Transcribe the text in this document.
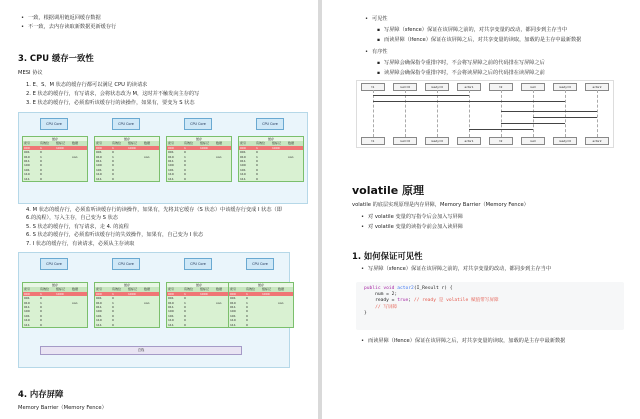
• 一致，根据调用链返回缓存数据
• 不一致，去内存读取新数据更新缓存行
3. CPU 缓存一致性
MESI 协议
1. E、S、M 状态的缓存行都可以满足 CPU 的读请求
2. E 状态的缓存行，有写请求，会将状态改为 M，这时并不触发向主存的写
3. E 状态的缓存行，必须监听该缓存行的读操作，如果有，要变为 S 状态
4. M 状态的缓存行，必须监听读缓存行的读操作，如果有，先将其它缓存（S 状态）中该缓存行变成 I 状态（即
6.的流程），写入主存，自己变为 S 状态
5. S 状态的缓存行，有写请求，走 4. 的流程
6. S 状态的缓存行，必须监听该缓存行的失效操作，如果有，自己变为 I 状态
7. I 状态的缓存行，有读请求，必须从主存读取
4. 内存屏障
Memory Barrier（Memory Fence）
CPU Core
缓存
索引	有效位	组标记	数据
000	1	1000
001	0
010	1	ooo
011	0
100	0
101	0
110	0
111	0
CPU Core
缓存
索引	有效位	组标记	数据
000	1	1000
001	0
010	1	ooo
011	0
100	0
101	0
110	0
111	0
CPU Core
缓存
索引	有效位	组标记	数据
000	1	1000
001	0
010	1	ooo
011	0
100	0
101	0
110	0
111	0
CPU Core
缓存
索引	有效位	组标记	数据
000	1	1000
001	0
010	1	ooo
011	0
100	0
101	0
110	0
111	0
CPU Core
缓存
索引	有效位	组标记	数据
000	1	1000
001	0
010	1	ooo
011	0
100	0
101	0
110	0
111	0
CPU Core
缓存
索引	有效位	组标记	数据
000	1	1000
001	0
010	1	ooo
011	0
100	0
101	0
110	0
111	0
CPU Core
缓存
索引	有效位	组标记	数据
000	1	1000
001	0
010	1	ooo
011	0
100	0
101	0
110	0
111	0
CPU Core
缓存
索引	有效位	组标记	数据
000	1	1000
001	0
010	1	ooo
011	0
100	0
101	0
110	0
111	0
总线
• 可见性
▪ 写屏障（sfence）保证在该屏障之前的，对共享变量的改动，都同步到主存当中
▪ 而读屏障（lfence）保证在该屏障之后，对共享变量的读取，加载的是主存中最新数据
• 有序性
▪ 写屏障会确保指令重排序时，不会将写屏障之前的代码排在写屏障之后
▪ 读屏障会确保指令重排序时，不会将读屏障之后的代码排在读屏障之前
t1
t1
num=0
num=0
ready=0
ready=0
actor1
actor1
t2
t2
num
num
ready=0
ready=0
actor2
actor2
volatile 原理
volatile 的底层实现原理是内存屏障，Memory Barrier（Memory Fence）
• 对 volatile 变量的写指令后会加入写屏障
• 对 volatile 变量的读指令前会加入读屏障
1. 如何保证可见性
• 写屏障（sfence）保证在该屏障之前的，对共享变量的改动，都同步到主存当中
public void actor2(I_Result r) {
num = 2;
ready = true; // ready 是 volatile 赋值带写屏障
// 写屏障
}
• 而读屏障（lfence）保证在该屏障之后，对共享变量的读取，加载的是主存中最新数据
